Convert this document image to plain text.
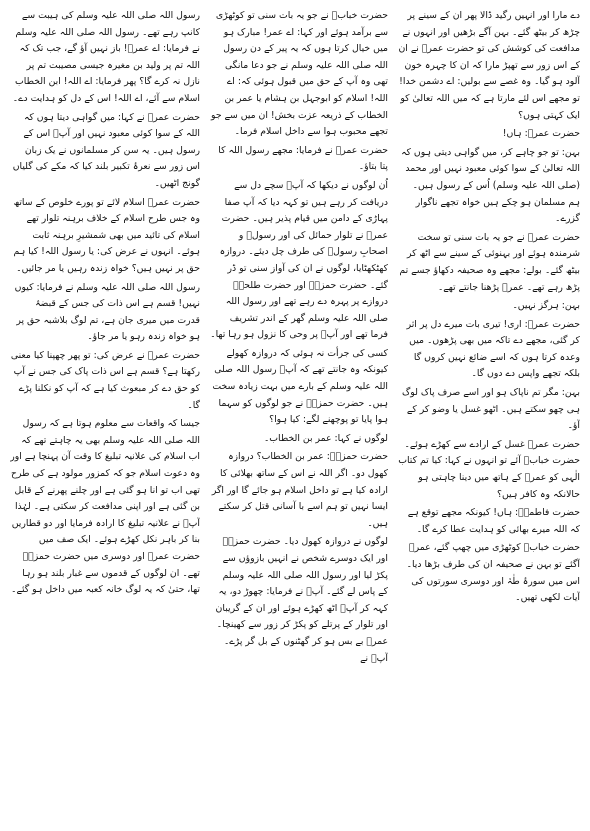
دے مارا اور انہیں رگید ڈالا پھر ان کے سینے پر چڑھ کر بیٹھ گئے۔ بہن آگے بڑھیں اور انہوں نے مدافعت کی کوشش کی تو حضرت عمرؓ نے ان کے اس زور سے تھپڑ مارا کہ ان کا چہرہ خون آلود ہو گیا۔ وہ غصے سے بولیں: اے دشمن خدا! تو مجھے اس لئے مارتا ہے کہ میں اللہ تعالیٰ کو ایک کہتی ہوں؟

حضرت عمرؓ: ہاں!

بہن: تو جو چاہے کر، میں گواہی دیتی ہوں کہ اللہ تعالیٰ کے سوا کوئی معبود نہیں اور محمد (صلی اللہ علیہ وسلم) اُس کے رسول ہیں۔ ہم مسلمان ہو چکے ہیں خواہ تجھے ناگوار گزرے۔

حضرت عمرؓ نے جو یہ بات سنی تو سخت شرمندہ ہوئے اور بہنوئی کے سینے سے اٹھ کر بیٹھ گئے۔ بولے: مجھے وہ صحیفہ دکھاؤ جسے تم پڑھ رہے تھے۔ عمرؓ پڑھنا جانتے تھے۔

بہن: ہرگز نہیں۔

حضرت عمرؓ: اری! تیری بات میرے دل پر اثر کر گئی، مجھے دے تاکہ میں بھی پڑھوں۔ میں وعدہ کرتا ہوں کہ اسے ضائع نہیں کروں گا بلکہ تجھے واپس دے دوں گا۔

بہن: مگر تم ناپاک ہو اور اسے صرف پاک لوگ ہی چھو سکتے ہیں۔ اٹھو غسل یا وضو کر کے آؤ۔

حضرت عمرؓ غسل کے ارادے سے کھڑے ہوئے۔ حضرت خبابؓ آئے تو انہوں نے کہا: کیا تم کتاب الٰہی کو عمرؓ کے ہاتھ میں دینا چاہتی ہو حالانکہ وہ کافر ہیں؟

حضرت فاطمہؓ: ہاں! کیونکہ مجھے توقع ہے کہ اللہ میرے بھائی کو ہدایت عطا کرے گا۔

حضرت خبابؓ کوٹھڑی میں چھپ گئے، عمرؓ آگئے تو بہن نے صحیفہ ان کی طرف بڑھا دیا۔ اس میں سورۂ طٰہٰ اور دوسری سورتوں کی آیات لکھی تھیں۔

حضرت خبابؓ نے جو یہ بات سنی تو کوٹھڑی سے برآمد ہوئے اور کہا: اے عمر! مبارک ہو میں خیال کرتا ہوں کہ یہ پیر کے دن رسول اللہ صلی اللہ علیہ وسلم نے جو دعا مانگی تھی وہ آپ کے حق میں قبول ہوئی کہ: اے اللہ! اسلام کو ابوجہل بن ہشام یا عمر بن الخطاب کے ذریعہ عزت بخش! ان میں سے جو تجھے محبوب ہوا سے داخل اسلام فرما۔

حضرت عمرؓ نے فرمایا: مجھے رسول اللہ کا پتا بتاؤ۔

اُن لوگوں نے دیکھا کہ آپؓ سچے دل سے دریافت کر رہے ہیں تو کہہ دیا کہ آپ صفا پہاڑی کے دامن میں قیام پذیر ہیں۔ حضرت عمرؓ نے تلوار حمائل کی اور رسولؐ و اصحابِ رسولؐ کی طرف چل دیئے۔ دروازہ کھٹکھٹایا، لوگوں نے ان کی آواز سنی تو ڈر گئے۔ حضرت حمزہؓ اور حضرت طلحہؓ دروازے پر پہرہ دے رہے تھے اور رسول اللہ صلی اللہ علیہ وسلم گھر کے اندر تشریف فرما تھے اور آپؐ پر وحی کا نزول ہو رہا تھا۔

کسی کی جرأت نہ ہوئی کہ دروازہ کھولے کیونکہ وہ جانتے تھے کہ آپؓ رسول اللہ صلی اللہ علیہ وسلم کے بارے میں بہت زیادہ سخت ہیں۔ حضرت حمزہؓ نے جو لوگوں کو سہما ہوا پایا تو پوچھنے لگے: کیا ہوا؟

لوگوں نے کہا: عمر بن الخطاب۔

حضرت حمزہؓ: عمر بن الخطاب؟ دروازہ کھول دو۔ اگر اللہ نے اس کے ساتھ بھلائی کا ارادہ کیا ہے تو داخل اسلام ہو جائے گا اور اگر ایسا نہیں تو ہم اسے با آسانی قتل کر سکتے ہیں۔

لوگوں نے دروازہ کھول دیا۔ حضرت حمزہؓ اور ایک دوسرے شخص نے انہیں بازوؤں سے پکڑ لیا اور رسول اللہ صلی اللہ علیہ وسلم کے پاس لے گئے۔ آپؐ نے فرمایا: چھوڑ دو، یہ کہہ کر آپؐ اٹھ کھڑے ہوئے اور ان کے گریبان اور تلوار کے پرتلے کو پکڑ کر زور سے کھینچا۔ عمرؓ بے بس ہو کر گھٹنوں کے بل گر پڑے۔ آپؐ نے

رسول اللہ صلی اللہ علیہ وسلم کی ہیبت سے کانپ رہے تھے۔ رسول اللہ صلی اللہ علیہ وسلم نے فرمایا: اے عمرؓ! باز نہیں آؤ گے، جب تک کہ اللہ تم پر ولید بن مغیرہ جیسی مصیبت تم پر نازل نہ کرے گا؟ پھر فرمایا: اے اللہ! ابن الخطاب اسلام سے آئے، اے اللہ! اس کے دل کو ہدایت دے۔

حضرت عمرؓ نے کہا: میں گواہی دیتا ہوں کہ اللہ کے سوا کوئی معبود نہیں اور آپؐ اس کے رسول ہیں۔ یہ سن کر مسلمانوں نے یک زبان اس زور سے نعرۂ تکبیر بلند کیا کہ مکے کی گلیاں گونج اٹھیں۔

حضرت عمرؓ اسلام لائے تو پورے خلوص کے ساتھ وہ جس طرح اسلام کے خلاف برہنہ تلوار تھے اسلام کی تائید میں بھی شمشیرِ برہنہ ثابت ہوئے۔ انہوں نے عرض کی: یا رسول اللہ! کیا ہم حق پر نہیں ہیں؟ خواہ زندہ رہیں یا مر جائیں۔

رسول اللہ صلی اللہ علیہ وسلم نے فرمایا: کیوں نہیں! قسم ہے اس ذات کی جس کے قبضۂ قدرت میں میری جان ہے، تم لوگ بلاشبہ حق پر ہو خواہ زندہ رہو یا مر جاؤ۔

حضرت عمرؓ نے عرض کی: تو پھر چھپنا کیا معنی رکھتا ہے؟ قسم ہے اس ذات پاک کی جس نے آپ کو حق دے کر مبعوث کیا ہے کہ آپ کو نکلنا پڑے گا۔

جیسا کہ واقعات سے معلوم ہوتا ہے کہ رسول اللہ صلی اللہ علیہ وسلم بھی یہ چاہتے تھے کہ اب اسلام کی علانیہ تبلیغ کا وقت آن پہنچا ہے اور وہ دعوت اسلام جو کہ کمزور مولود ہے کی طرح تھی اب تو انا ہو گئی ہے اور چلنے پھرنے کے قابل بن گئی ہے اور اپنی مدافعت کر سکتی ہے۔ لہٰذا آپؐ نے علانیہ تبلیغ کا ارادہ فرمایا اور دو قطاریں بنا کر باہر نکل کھڑے ہوئے۔ ایک صف میں حضرت عمرؓ اور دوسری میں حضرت حمزہؓ تھے۔ ان لوگوں کے قدموں سے غبار بلند ہو رہا تھا، حتیٰ کہ یہ لوگ خانہ کعبہ میں داخل ہو گئے۔
